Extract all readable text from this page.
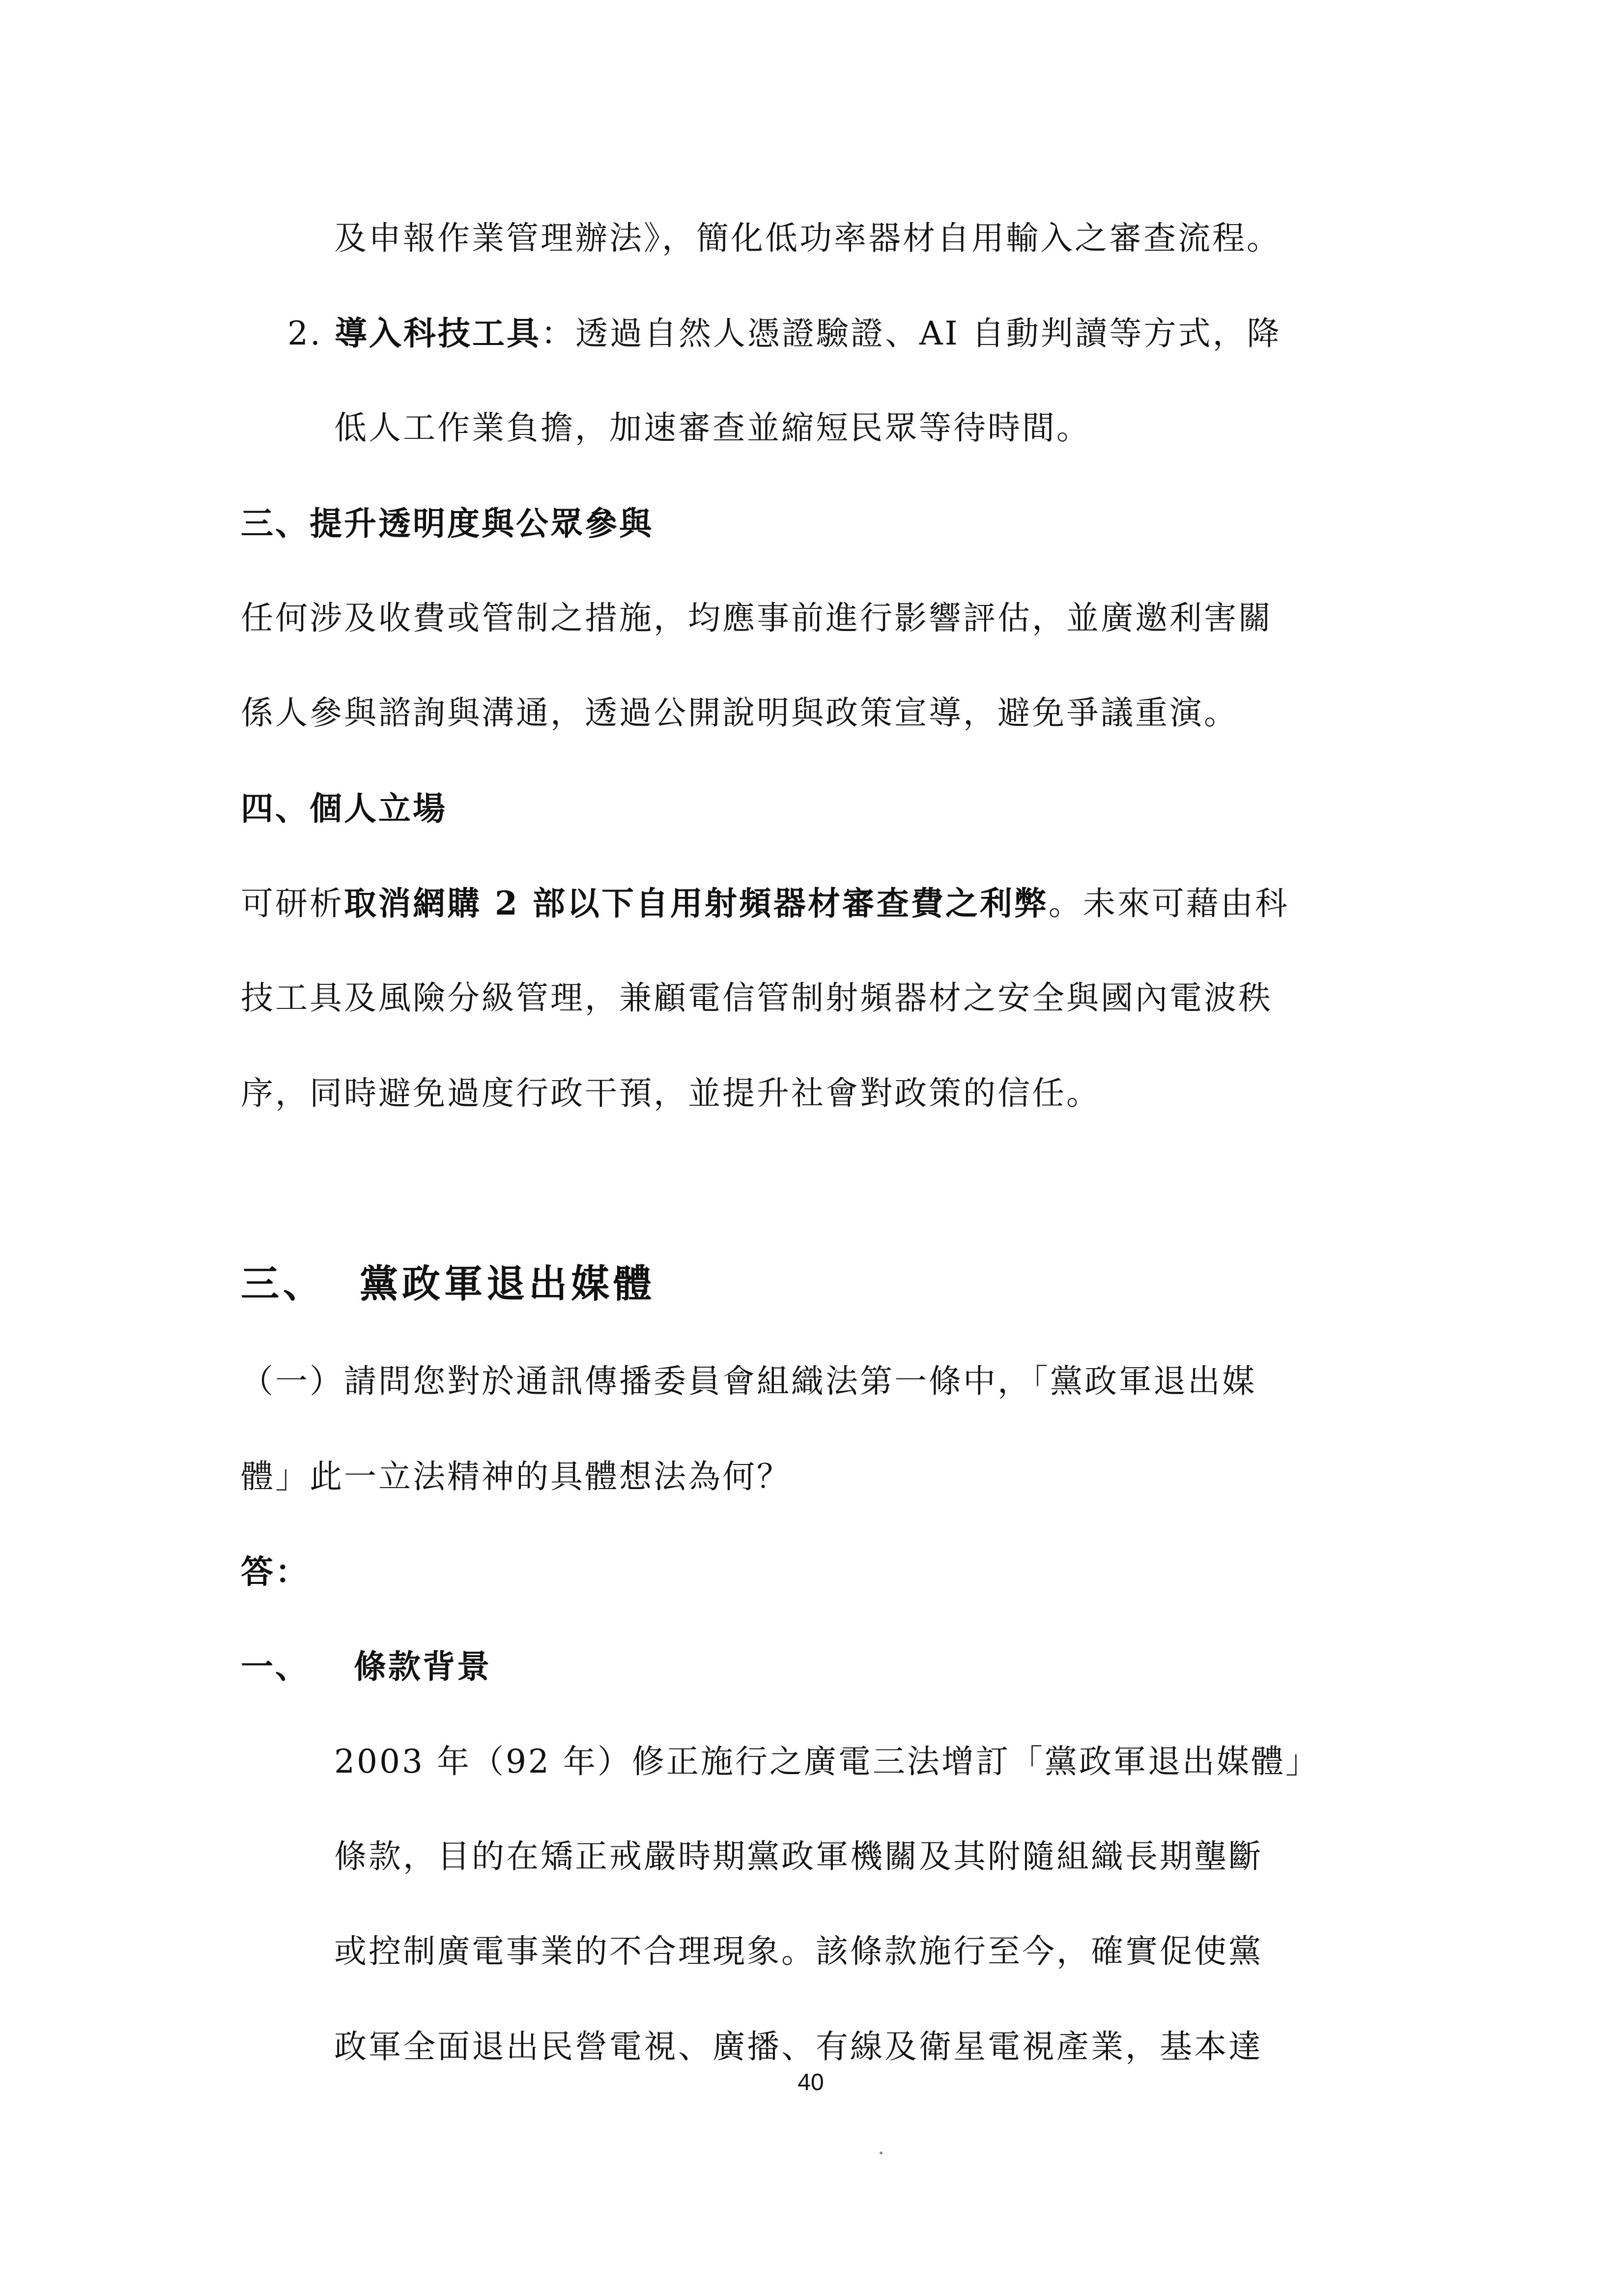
及申報作業管理辦法》，簡化低功率器材自用輸入之審查流程。
2. 導入科技工具：透過自然人憑證驗證、AI 自動判讀等方式，降
低人工作業負擔，加速審查並縮短民眾等待時間。
三、提升透明度與公眾參與
任何涉及收費或管制之措施，均應事前進行影響評估，並廣邀利害關
係人參與諮詢與溝通，透過公開說明與政策宣導，避免爭議重演。
四、個人立場
可研析取消網購 2 部以下自用射頻器材審查費之利弊。未來可藉由科
技工具及風險分級管理，兼顧電信管制射頻器材之安全與國內電波秩
序，同時避免過度行政干預，並提升社會對政策的信任。
三、 黨政軍退出媒體
（一）請問您對於通訊傳播委員會組織法第一條中，「黨政軍退出媒
體」此一立法精神的具體想法為何？
答：
一、 條款背景
2003 年（92 年）修正施行之廣電三法增訂「黨政軍退出媒體」
條款，目的在矯正戒嚴時期黨政軍機關及其附隨組織長期壟斷
或控制廣電事業的不合理現象。該條款施行至今，確實促使黨
政軍全面退出民營電視、廣播、有線及衛星電視產業，基本達
40
